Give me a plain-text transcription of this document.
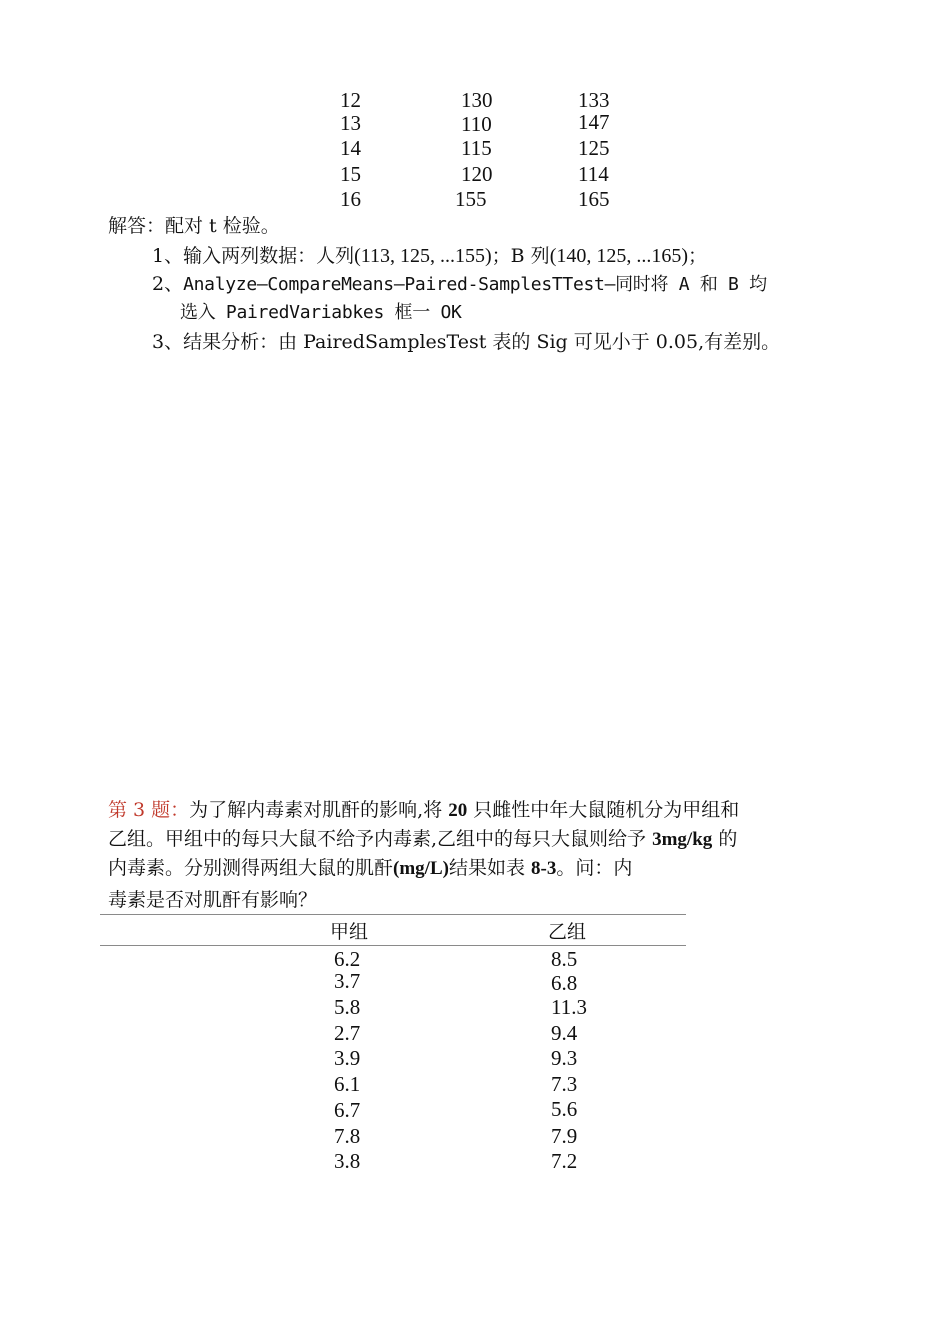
12	130	133
13	110	147
14	115	125
15	120	114
16	155	165
解答：配对 t 检验。
1、输入两列数据：人列(113, 125, ...155)；B 列(140, 125, ...165)；
2、Analyze—CompareMeans—Paired-SamplesTTest—同时将 A 和 B 均
选入 PairedVariabkes 框一 OK
3、结果分析：由 PairedSamplesTest 表的 Sig 可见小于 0.05,有差别。
第 3 题：为了解内毒素对肌酐的影响,将 20 只雌性中年大鼠随机分为甲组和
乙组。甲组中的每只大鼠不给予内毒素,乙组中的每只大鼠则给予 3mg/kg 的
内毒素。分别测得两组大鼠的肌酐(mg/L)结果如表 8-3。问：内
毒素是否对肌酐有影响？
甲组	乙组
6.2	8.5
3.7	6.8
5.8	11.3
2.7	9.4
3.9	9.3
6.1	7.3
6.7	5.6
7.8	7.9
3.8	7.2
